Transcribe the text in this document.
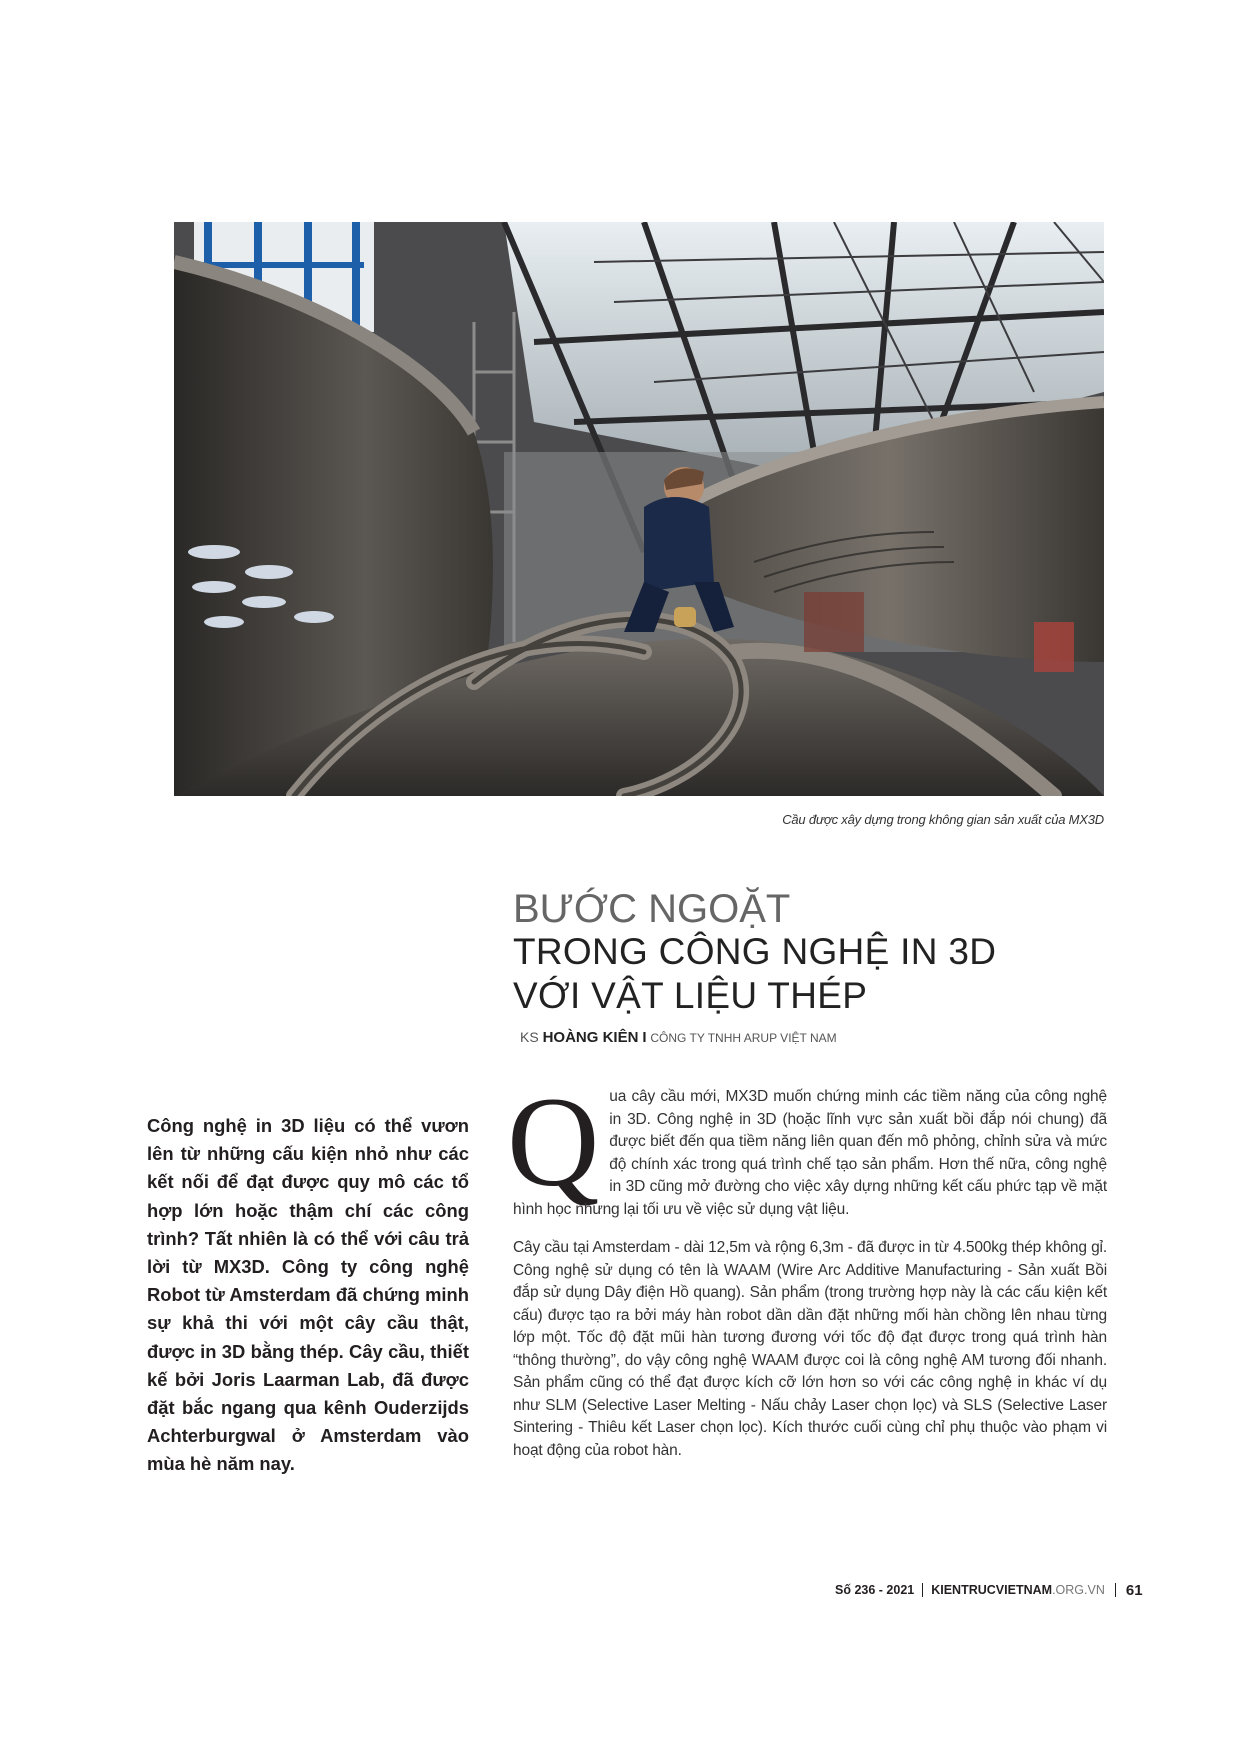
Cầu được xây dựng trong không gian sản xuất của MX3D
BƯỚC NGOẶT
TRONG CÔNG NGHỆ IN 3D
VỚI VẬT LIỆU THÉP
KS HOÀNG KIÊN I CÔNG TY TNHH ARUP VIỆT NAM
Công nghệ in 3D liệu có thể vươn lên từ những cấu kiện nhỏ như các kết nối để đạt được quy mô các tổ hợp lớn hoặc thậm chí các công trình? Tất nhiên là có thể với câu trả lời từ MX3D. Công ty công nghệ Robot từ Amsterdam đã chứng minh sự khả thi với một cây cầu thật, được in 3D bằng thép. Cây cầu, thiết kế bởi Joris Laarman Lab, đã được đặt bắc ngang qua kênh Ouderzijds Achterburgwal ở Amsterdam vào mùa hè năm nay.

Q ua cây cầu mới, MX3D muốn chứng minh các tiềm năng của công nghệ in 3D. Công nghệ in 3D (hoặc lĩnh vực sản xuất bồi đắp nói chung) đã được biết đến qua tiềm năng liên quan đến mô phỏng, chỉnh sửa và mức độ chính xác trong quá trình chế tạo sản phẩm. Hơn thế nữa, công nghệ in 3D cũng mở đường cho việc xây dựng những kết cấu phức tạp về mặt hình học nhưng lại tối ưu về việc sử dụng vật liệu.

Cây cầu tại Amsterdam - dài 12,5m và rộng 6,3m - đã được in từ 4.500kg thép không gỉ. Công nghệ sử dụng có tên là WAAM (Wire Arc Additive Manufacturing - Sản xuất Bồi đắp sử dụng Dây điện Hồ quang). Sản phẩm (trong trường hợp này là các cấu kiện kết cấu) được tạo ra bởi máy hàn robot dần dần đặt những mối hàn chồng lên nhau từng lớp một. Tốc độ đặt mũi hàn tương đương với tốc độ đạt được trong quá trình hàn “thông thường”, do vậy công nghệ WAAM được coi là công nghệ AM tương đối nhanh. Sản phẩm cũng có thể đạt được kích cỡ lớn hơn so với các công nghệ in khác ví dụ như SLM (Selective Laser Melting - Nấu chảy Laser chọn lọc) và SLS (Selective Laser Sintering - Thiêu kết Laser chọn lọc). Kích thước cuối cùng chỉ phụ thuộc vào phạm vi hoạt động của robot hàn.

Số 236 - 2021	KIENTRUCVIETNAM.ORG.VN	61
